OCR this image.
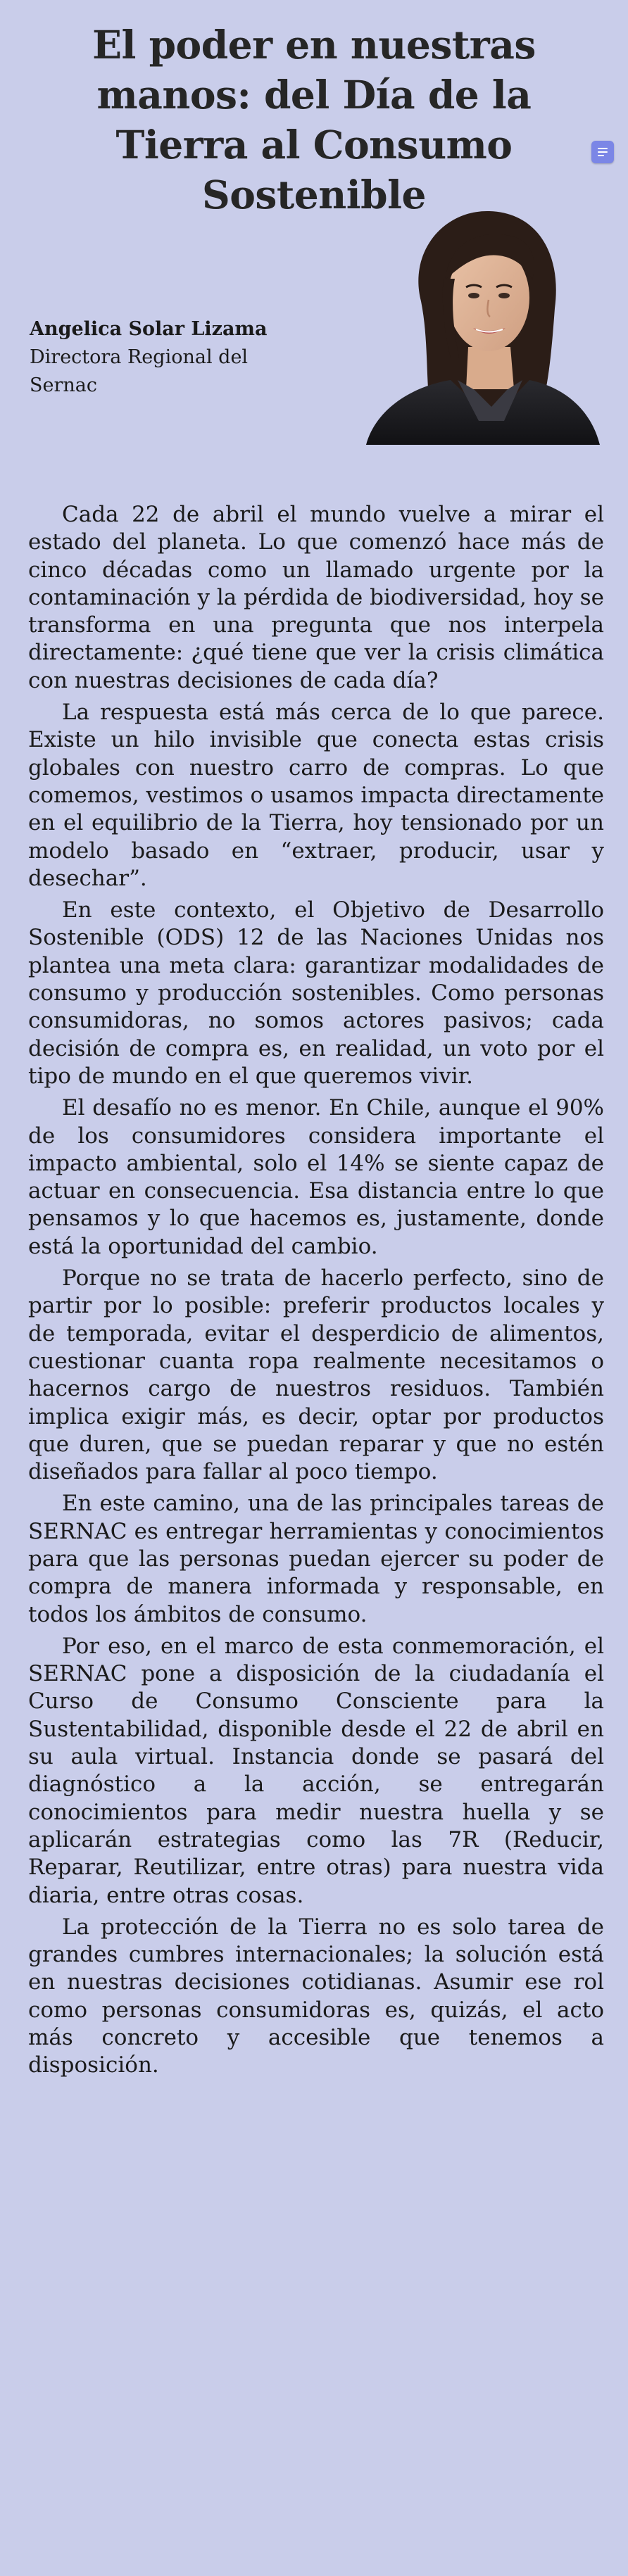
El poder en nuestras manos: del Día de la Tierra al Consumo Sostenible

Angelica Solar Lizama

Directora Regional del Sernac

Cada 22 de abril el mundo vuelve a mirar el estado del planeta. Lo que comenzó hace más de cinco décadas como un llamado urgente por la contaminación y la pérdida de biodiversidad, hoy se transforma en una pregunta que nos interpela directamente: ¿qué tiene que ver la crisis climática con nuestras decisiones de cada día?

La respuesta está más cerca de lo que parece. Existe un hilo invisible que conecta estas crisis globales con nuestro carro de compras. Lo que comemos, vestimos o usamos impacta directamente en el equilibrio de la Tierra, hoy tensionado por un modelo basado en “extraer, producir, usar y desechar”.

En este contexto, el Objetivo de Desarrollo Sostenible (ODS) 12 de las Naciones Unidas nos plantea una meta clara: garantizar modalidades de consumo y producción sostenibles. Como personas consumidoras, no somos actores pasivos; cada decisión de compra es, en realidad, un voto por el tipo de mundo en el que queremos vivir.

El desafío no es menor. En Chile, aunque el 90% de los consumidores considera importante el impacto ambiental, solo el 14% se siente capaz de actuar en consecuencia. Esa distancia entre lo que pensamos y lo que hacemos es, justamente, donde está la oportunidad del cambio.

Porque no se trata de hacerlo perfecto, sino de partir por lo posible: preferir productos locales y de temporada, evitar el desperdicio de alimentos, cuestionar cuanta ropa realmente necesitamos o hacernos cargo de nuestros residuos. También implica exigir más, es decir, optar por productos que duren, que se puedan reparar y que no estén diseñados para fallar al poco tiempo.

En este camino, una de las principales tareas de SERNAC es entregar herramientas y conocimientos para que las personas puedan ejercer su poder de compra de manera informada y responsable, en todos los ámbitos de consumo.

Por eso, en el marco de esta conmemoración, el SERNAC pone a disposición de la ciudadanía el Curso de Consumo Consciente para la Sustentabilidad, disponible desde el 22 de abril en su aula virtual. Instancia donde se pasará del diagnóstico a la acción, se entregarán conocimientos para medir nuestra huella y se aplicarán estrategias como las 7R (Reducir, Reparar, Reutilizar, entre otras) para nuestra vida diaria, entre otras cosas.

La protección de la Tierra no es solo tarea de grandes cumbres internacionales; la solución está en nuestras decisiones cotidianas. Asumir ese rol como personas consumidoras es, quizás, el acto más concreto y accesible que tenemos a disposición.
